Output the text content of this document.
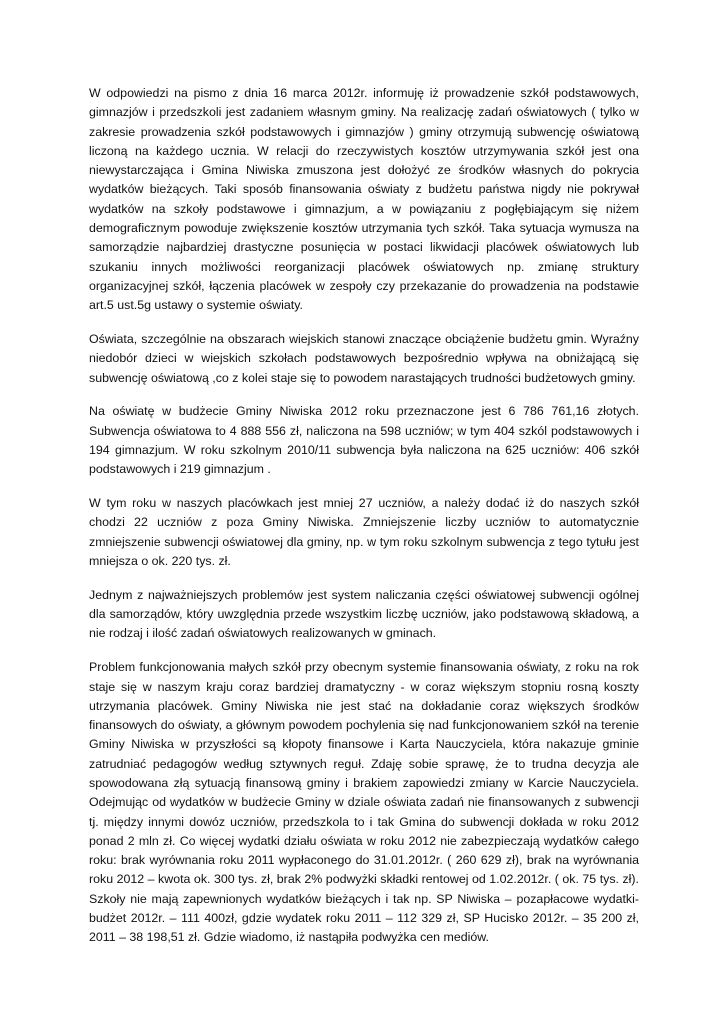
W odpowiedzi na pismo z dnia 16 marca 2012r. informuję iż prowadzenie szkół podstawowych, gimnazjów i przedszkoli jest zadaniem własnym gminy. Na realizację zadań oświatowych ( tylko w zakresie prowadzenia szkół podstawowych i gimnazjów ) gminy otrzymują subwencję oświatową liczoną na każdego ucznia. W relacji do rzeczywistych kosztów utrzymywania szkół jest ona niewystarczająca i Gmina Niwiska zmuszona jest dołożyć ze środków własnych do pokrycia wydatków bieżących. Taki sposób finansowania oświaty z budżetu państwa nigdy nie pokrywał wydatków na szkoły podstawowe i gimnazjum, a w powiązaniu z pogłębiającym się niżem demograficznym powoduje zwiększenie kosztów utrzymania tych szkół. Taka sytuacja wymusza na samorządzie najbardziej drastyczne posunięcia w postaci likwidacji placówek oświatowych lub szukaniu innych możliwości reorganizacji placówek oświatowych np. zmianę struktury organizacyjnej szkół, łączenia placówek w zespoły czy przekazanie do prowadzenia na podstawie art.5 ust.5g ustawy o systemie oświaty.

Oświata, szczególnie na obszarach wiejskich stanowi znaczące obciążenie budżetu gmin. Wyraźny niedobór dzieci w wiejskich szkołach podstawowych bezpośrednio wpływa na obniżającą się subwencję oświatową ,co z kolei staje się to powodem narastających trudności budżetowych gminy.

Na oświatę w budżecie Gminy Niwiska 2012 roku przeznaczone jest 6 786 761,16 złotych. Subwencja oświatowa to 4 888 556 zł, naliczona na 598 uczniów; w tym 404 szkól podstawowych i 194 gimnazjum. W roku szkolnym 2010/11 subwencja była naliczona na 625 uczniów: 406 szkół podstawowych i 219 gimnazjum .

W tym roku w naszych placówkach jest mniej 27 uczniów, a należy dodać iż do naszych szkół chodzi 22 uczniów z poza Gminy Niwiska. Zmniejszenie liczby uczniów to automatycznie zmniejszenie subwencji oświatowej dla gminy, np. w tym roku szkolnym subwencja z tego tytułu jest mniejsza o ok. 220 tys. zł.

Jednym z najważniejszych problemów jest system naliczania części oświatowej subwencji ogólnej dla samorządów, który uwzględnia przede wszystkim liczbę uczniów, jako podstawową składową, a nie rodzaj i ilość zadań oświatowych realizowanych w gminach.

Problem funkcjonowania małych szkół przy obecnym systemie finansowania oświaty, z roku na rok staje się w naszym kraju coraz bardziej dramatyczny - w coraz większym stopniu rosną koszty utrzymania placówek. Gminy Niwiska nie jest stać na dokładanie coraz większych środków finansowych do oświaty, a głównym powodem pochylenia się nad funkcjonowaniem szkół na terenie Gminy Niwiska w przyszłości są kłopoty finansowe i Karta Nauczyciela, która nakazuje gminie zatrudniać pedagogów według sztywnych reguł. Zdaję sobie sprawę, że to trudna decyzja ale spowodowana złą sytuacją finansową gminy i brakiem zapowiedzi zmiany w Karcie Nauczyciela. Odejmując od wydatków w budżecie Gminy w dziale oświata zadań nie finansowanych z subwencji tj. między innymi dowóz uczniów, przedszkola to i tak Gmina do subwencji dokłada w roku 2012 ponad 2 mln zł. Co więcej wydatki działu oświata w roku 2012 nie zabezpieczają wydatków całego roku: brak wyrównania roku 2011 wypłaconego do 31.01.2012r. ( 260 629 zł), brak na wyrównania roku 2012 – kwota ok. 300 tys. zł, brak 2% podwyżki składki rentowej od 1.02.2012r. ( ok. 75 tys. zł). Szkoły nie mają zapewnionych wydatków bieżących i tak np. SP Niwiska – pozapłacowe wydatki- budżet 2012r. – 111 400zł, gdzie wydatek roku 2011 – 112 329 zł, SP Hucisko 2012r. – 35 200 zł, 2011 – 38 198,51 zł. Gdzie wiadomo, iż nastąpiła podwyżka cen mediów.
